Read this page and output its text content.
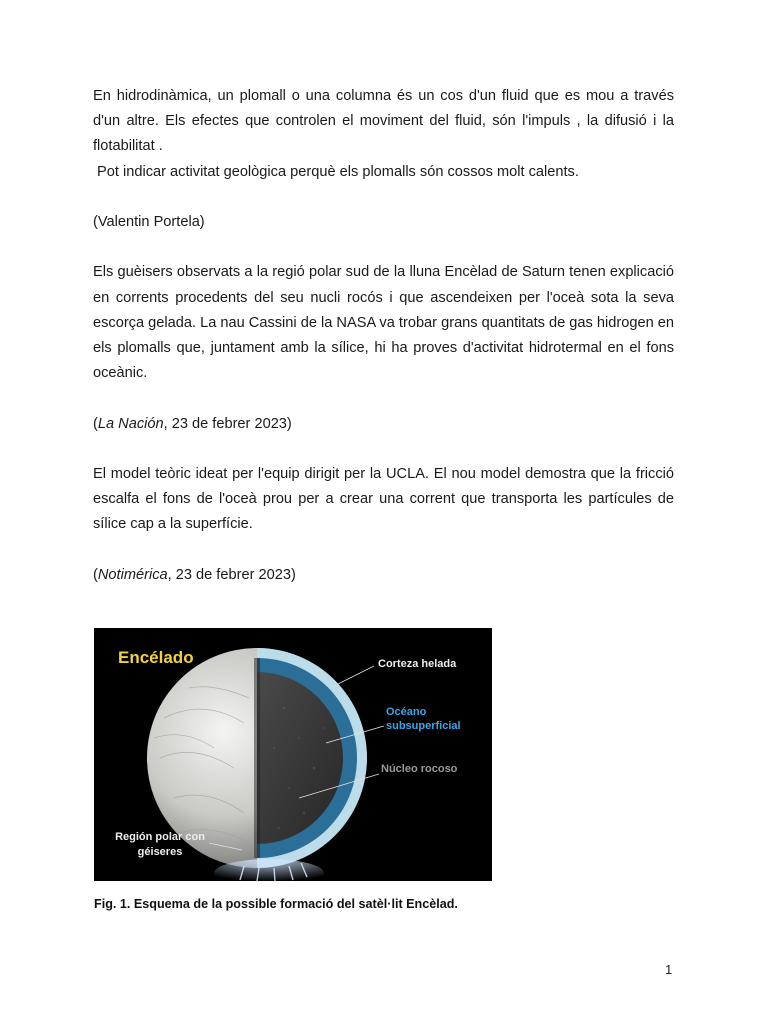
En hidrodinàmica, un plomall o una columna és un cos d'un fluid que es mou a través d'un altre. Els efectes que controlen el moviment del fluid, són l'impuls , la difusió i la flotabilitat .

Pot indicar activitat geològica perquè els plomalls són cossos molt calents.

(Valentin Portela)

Els guèisers observats a la regió polar sud de la lluna Encèlad de Saturn tenen explicació en corrents procedents del seu nucli rocós i que ascendeixen per l'oceà sota la seva escorça gelada. La nau Cassini de la NASA va trobar grans quantitats de gas hidrogen en els plomalls que, juntament amb la sílice, hi ha proves d'activitat hidrotermal en el fons oceànic.

(La Nación, 23 de febrer 2023)

El model teòric ideat per l'equip dirigit per la UCLA. El nou model demostra que la fricció escalfa el fons de l'oceà prou per a crear una corrent que transporta les partícules de sílice cap a la superfície.

(Notimérica, 23 de febrer 2023)

Encélado	Corteza helada
Océano
subsuperficial
Núcleo rocoso
Región polar con
géiseres
Fig. 1. Esquema de la possible formació del satèl·lit Encèlad.
1
